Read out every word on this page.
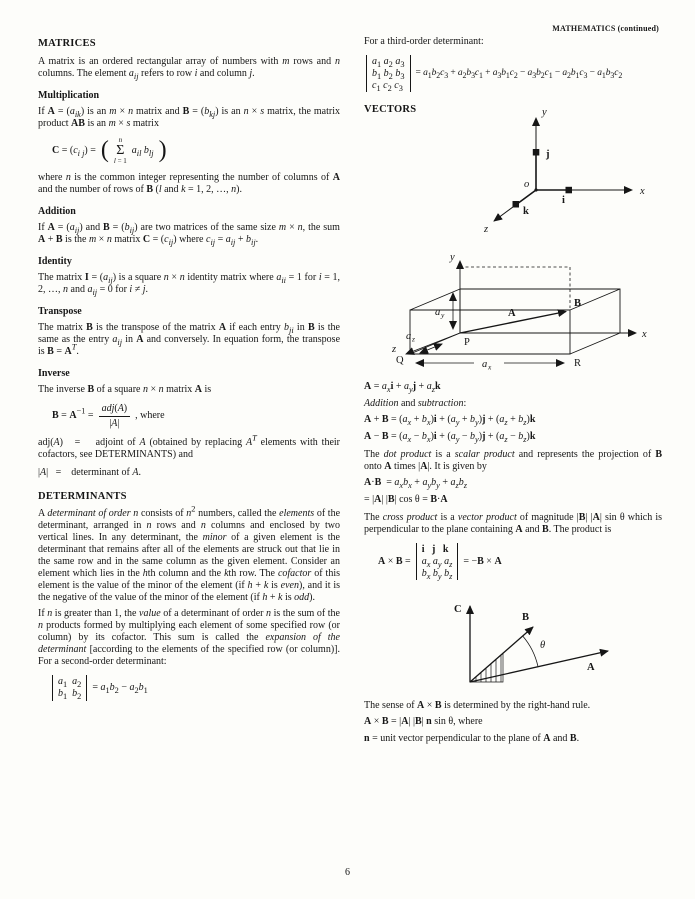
MATHEMATICS (continued)
MATRICES

A matrix is an ordered rectangular array of numbers with m rows and n columns. The element $a_{ij}$ refers to row i and column j.

Multiplication

If $A = (a_{ik})$ is an m × n matrix and $B = (b_{kj})$ is an n × s matrix, the matrix product AB is an m × s matrix

$C = (c_{i j})$ = ( n
Σ
l = 1
$a_{il}$ $b_{lj}$ )

where n is the common integer representing the number of columns of A and the number of rows of B (l and k = 1, 2, …, n).

Addition

If $A = (a_{ij})$ and $B = (b_{ij})$ are two matrices of the same size m × n, the sum A + B is the m × n matrix $C = (c_{ij})$ where $c_{ij} = a_{ij} + b_{ij}$.

Identity

The matrix $I = (a_{ij})$ is a square n × n identity matrix where $a_{ii} = 1$ for i = 1, 2, …, n and $a_{ij} = 0$ for i ≠ j.

Transpose

The matrix B is the transpose of the matrix A if each entry $b_{ji}$ in B is the same as the entry $a_{ij}$ in A and conversely. In equation form, the transpose is $B = A^T$.

Inverse

The inverse B of a square n × n matrix A is

$B = A^{-1} = \frac{\text{adj(A)}}{|A|}$ , where

adj(A)   =    adjoint of A (obtained by replacing $A^T$ elements with their cofactors, see DETERMINANTS) and

|A|   =    determinant of A.

DETERMINANTS

A determinant of order n consists of $n^2$ numbers, called the elements of the determinant, arranged in n rows and n columns and enclosed by two vertical lines. In any determinant, the minor of a given element is the determinant that remains after all of the elements are struck out that lie in the same row and in the same column as the given element. Consider an element which lies in the hth column and the kth row. The cofactor of this element is the value of the minor of the element (if h + k is even), and it is the negative of the value of the minor of the element (if h + k is odd).

If n is greater than 1, the value of a determinant of order n is the sum of the n products formed by multiplying each element of some specified row (or column) by its cofactor. This sum is called the expansion of the determinant [according to the elements of the specified row (or column)]. For a second-order determinant:

$a_1$ $a_2$
$b_1$ $b_2$
= $a_1b_2 - a_2b_1$

For a third-order determinant:

$a_1$ $a_2$ $a_3$
$b_1$ $b_2$ $b_3$
$c_1$ $c_2$ $c_3$
= $a_1b_2c_3 + a_2b_3c_1 + a_3b_1c_2 - a_3b_2c_1 - a_2b_1c_3 - a_1b_3c_2$
VECTORS	y
x
z
j
i
k
o
y
x
z
A
B
P
Q	R
a x
a y
a z

$A = a_xi + a_yj + a_zk$

Addition and subtraction:

$A + B = (a_x + b_x)i + (a_y + b_y)j + (a_z + b_z)k$

$A - B = (a_x - b_x)i + (a_y - b_y)j + (a_z - b_z)k$

The dot product is a scalar product and represents the projection of B onto A times |A|. It is given by

$A\cdot B = a_xb_x + a_yb_y + a_zb_z$

= |A| |B| cos θ = B·A

The cross product is a vector product of magnitude |B| |A| sin θ which is perpendicular to the plane containing A and B. The product is

A × B =
i j k
$a_x$ $a_y$ $a_z$
$b_x$ $b_y$ $b_z$
= −B × A
C
B
A
θ

The sense of A × B is determined by the right-hand rule.

A × B = |A| |B| n sin θ, where

n = unit vector perpendicular to the plane of A and B.

6
